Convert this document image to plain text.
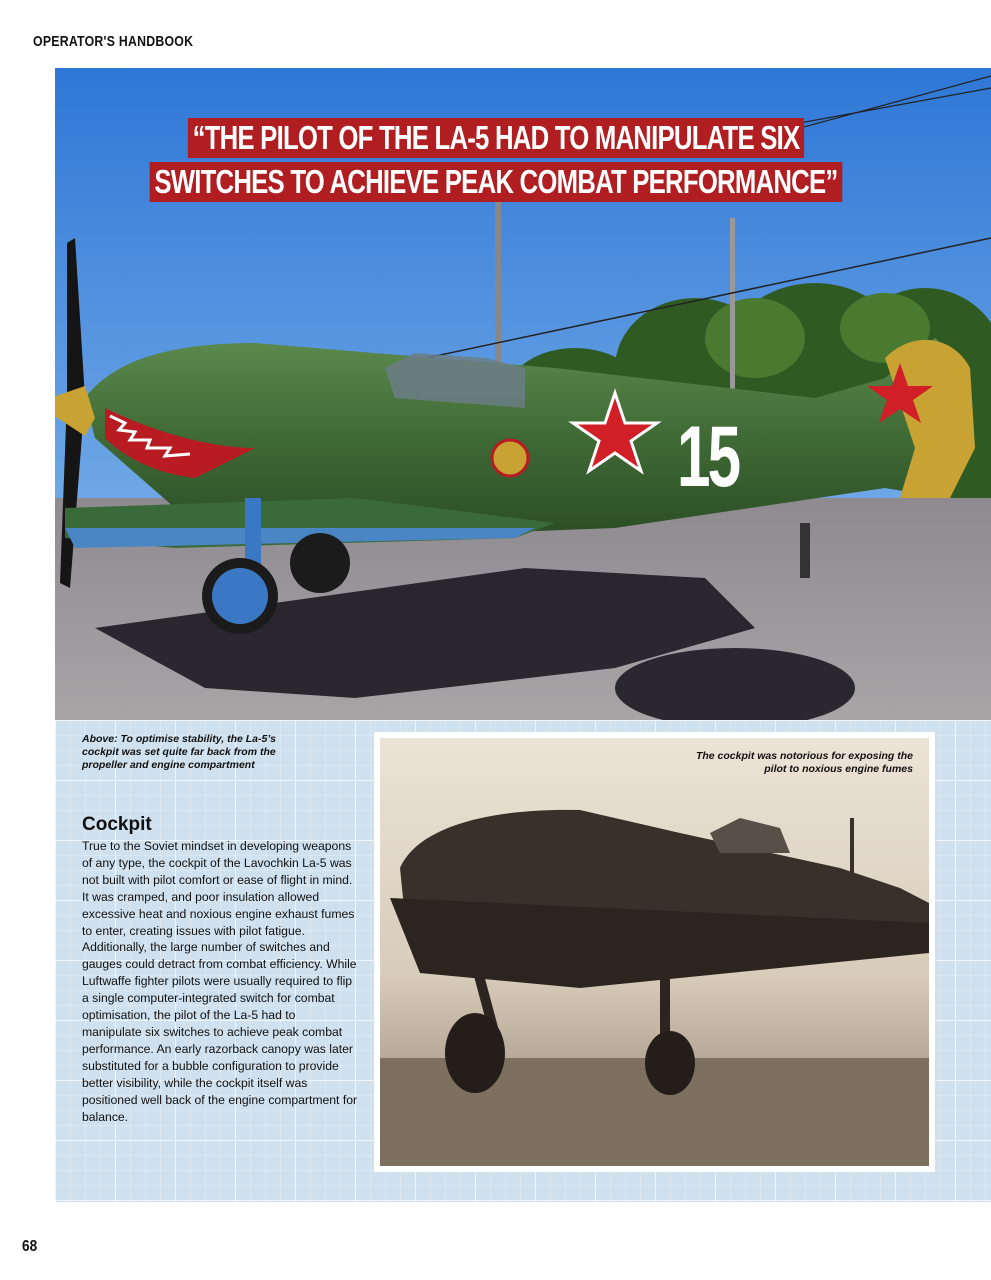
OPERATOR'S HANDBOOK
15
“THE PILOT OF THE LA-5 HAD TO MANIPULATE SIX
SWITCHES TO ACHIEVE PEAK COMBAT PERFORMANCE”
Above: To optimise stability, the La-5’s cockpit was set quite far back from the propeller and engine compartment
Cockpit
True to the Soviet mindset in developing weapons of any type, the cockpit of the Lavochkin La-5 was not built with pilot comfort or ease of flight in mind. It was cramped, and poor insulation allowed excessive heat and noxious engine exhaust fumes to enter, creating issues with pilot fatigue. Additionally, the large number of switches and gauges could detract from combat efficiency. While Luftwaffe fighter pilots were usually required to flip a single computer-integrated switch for combat optimisation, the pilot of the La-5 had to manipulate six switches to achieve peak combat performance. An early razorback canopy was later substituted for a bubble configuration to provide better visibility, while the cockpit itself was positioned well back of the engine compartment for balance.
The cockpit was notorious for exposing the pilot to noxious engine fumes
68
